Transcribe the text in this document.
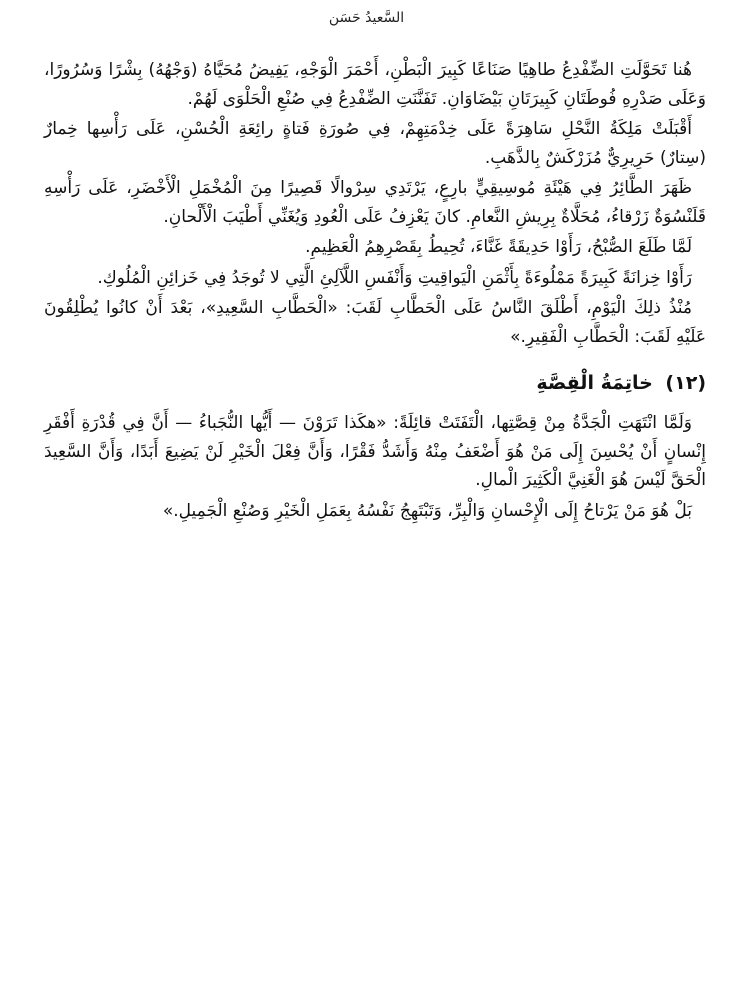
السَّعيدُ حَسَن

هُنا تَحَوَّلَتِ الضِّفْدِعُ طاهِيًا صَنَاعًا كَبِيرَ الْبَطْنِ، أَحْمَرَ الْوَجْهِ، يَفِيضُ مُحَيَّاهُ (وَجْهُهُ) بِشْرًا وَسُرُورًا، وَعَلَى صَدْرِهِ فُوطَتَانِ كَبِيرَتَانِ بَيْضَاوَانِ. تَفَنَّنَتِ الضِّفْدِعُ فِي صُنْعِ الْحَلْوَى لَهُمْ.

أَقْبَلَتْ مَلِكَةُ النَّحْلِ سَاهِرَةً عَلَى خِدْمَتِهِمْ، فِي صُورَةِ فَتاةٍ رائِعَةِ الْحُسْنِ، عَلَى رَأْسِها خِمارٌ (سِتارٌ) حَرِيرِيٌّ مُزَرْكَشٌ بِالذَّهَبِ.

ظَهَرَ الطَّائِرُ فِي هَيْئَةِ مُوسِيقِيٍّ بارِعٍ، يَرْتَدِي سِرْوالًا قَصِيرًا مِنَ الْمُخْمَلِ الْأَخْضَرِ، عَلَى رَأْسِهِ قَلَنْسُوَةٌ زَرْقاءُ، مُحَلَّاةٌ بِرِيشِ النَّعامِ. كانَ يَعْزِفُ عَلَى الْعُودِ وَيُغَنِّي أَطْيَبَ الْأَلْحانِ.

لَمَّا طَلَعَ الصُّبْحُ، رَأَوْا حَدِيقَةً غَنَّاءَ، تُحِيطُ بِقَصْرِهِمُ الْعَظِيمِ.

رَأَوْا خِزانَةً كَبِيرَةً مَمْلُوءَةً بِأَثْمَنِ الْيَواقِيتِ وَأَنْفَسِ اللَّآلِئِ الَّتِي لا تُوجَدُ فِي خَزائِنِ الْمُلُوكِ.

مُنْذُ ذلِكَ الْيَوْمِ، أَطْلَقَ النَّاسُ عَلَى الْحَطَّابِ لَقَبَ: «الْحَطَّابِ السَّعِيدِ»، بَعْدَ أَنْ كانُوا يُطْلِقُونَ عَلَيْهِ لَقَبَ: الْحَطَّابِ الْفَقِيرِ.»

(١٢) خاتِمَةُ الْقِصَّةِ

وَلَمَّا انْتَهَتِ الْجَدَّةُ مِنْ قِصَّتِها، الْتَفَتَتْ قائِلَةً: «هكَذا تَرَوْنَ — أَيُّها النُّجَباءُ — أَنَّ فِي قُدْرَةِ أَفْقَرِ إِنْسانٍ أَنْ يُحْسِنَ إِلَى مَنْ هُوَ أَضْعَفُ مِنْهُ وَأَشَدُّ فَقْرًا، وَأَنَّ فِعْلَ الْخَيْرِ لَنْ يَضِيعَ أَبَدًا، وَأَنَّ السَّعِيدَ الْحَقَّ لَيْسَ هُوَ الْغَنِيَّ الْكَثِيرَ الْمالِ.

بَلْ هُوَ مَنْ يَرْتاحُ إِلَى الْإِحْسانِ وَالْبِرِّ، وَتَبْتَهِجُ نَفْسُهُ بِعَمَلِ الْخَيْرِ وَصُنْعِ الْجَمِيلِ.»
